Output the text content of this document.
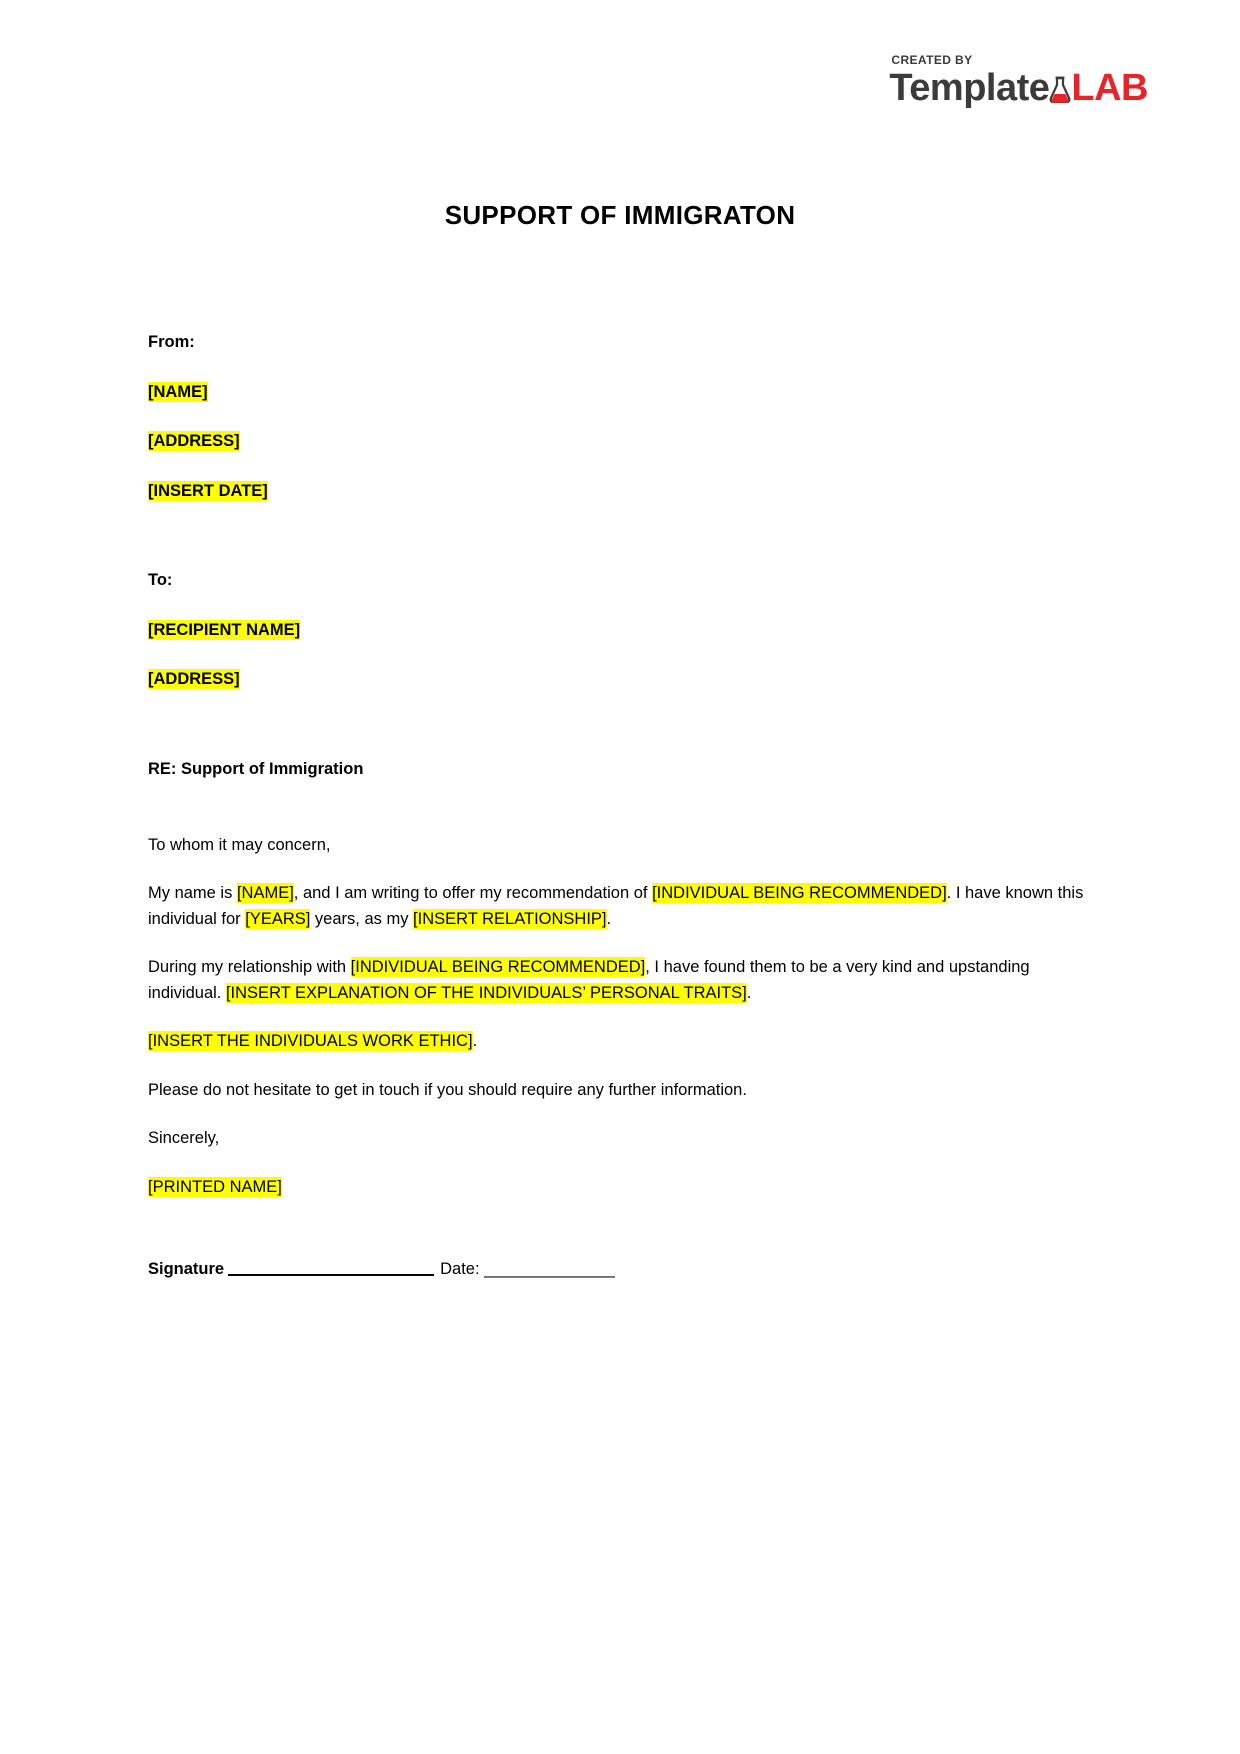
CREATED BY
Template LAB
SUPPORT OF IMMIGRATON
From:
[NAME]
[ADDRESS]
[INSERT DATE]
To:
[RECIPIENT NAME]
[ADDRESS]
RE: Support of Immigration

To whom it may concern,

My name is [NAME], and I am writing to offer my recommendation of [INDIVIDUAL BEING RECOMMENDED]. I have known this individual for [YEARS] years, as my [INSERT RELATIONSHIP].

During my relationship with [INDIVIDUAL BEING RECOMMENDED], I have found them to be a very kind and upstanding individual. [INSERT EXPLANATION OF THE INDIVIDUALS’ PERSONAL TRAITS].

[INSERT THE INDIVIDUALS WORK ETHIC].

Please do not hesitate to get in touch if you should require any further information.

Sincerely,

[PRINTED NAME]

Signature	Date: _______________
